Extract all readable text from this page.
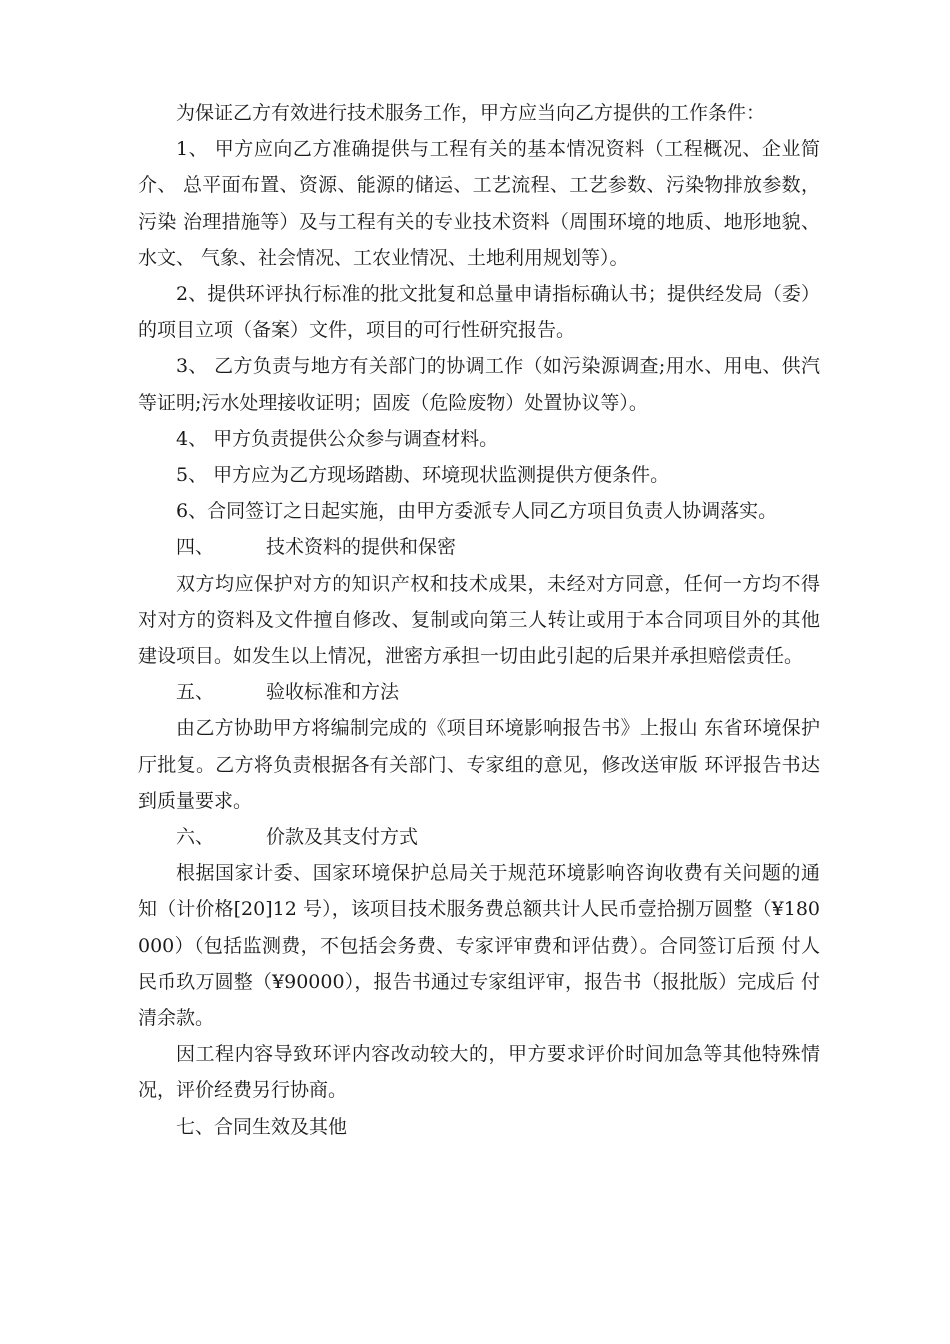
为保证乙方有效进行技术服务工作，甲方应当向乙方提供的工作条件：

1、 甲方应向乙方准确提供与工程有关的基本情况资料（工程概况、企业简介、 总平面布置、资源、能源的储运、工艺流程、工艺参数、污染物排放参数，污染 治理措施等）及与工程有关的专业技术资料（周围环境的地质、地形地貌、水文、 气象、社会情况、工农业情况、土地利用规划等）。

2、提供环评执行标准的批文批复和总量申请指标确认书；提供经发局（委）的项目立项（备案）文件，项目的可行性研究报告。

3、 乙方负责与地方有关部门的协调工作（如污染源调查;用水、用电、供汽等证明;污水处理接收证明；固废（危险废物）处置协议等）。

4、 甲方负责提供公众参与调查材料。

5、 甲方应为乙方现场踏勘、环境现状监测提供方便条件。

6、合同签订之日起实施，由甲方委派专人同乙方项目负责人协调落实。

四、	技术资料的提供和保密

双方均应保护对方的知识产权和技术成果，未经对方同意，任何一方均不得对对方的资料及文件擅自修改、复制或向第三人转让或用于本合同项目外的其他建设项目。如发生以上情况，泄密方承担一切由此引起的后果并承担赔偿责任。

五、	验收标准和方法

由乙方协助甲方将编制完成的《项目环境影响报告书》上报山 东省环境保护厅批复。乙方将负责根据各有关部门、专家组的意见，修改送审版 环评报告书达到质量要求。

六、	价款及其支付方式

根据国家计委、国家环境保护总局关于规范环境影响咨询收费有关问题的通知（计价格[20]12 号），该项目技术服务费总额共计人民币壹拾捌万圆整（¥180000）（包括监测费，不包括会务费、专家评审费和评估费）。合同签订后预 付人民币玖万圆整（¥90000），报告书通过专家组评审，报告书（报批版）完成后 付清余款。

因工程内容导致环评内容改动较大的，甲方要求评价时间加急等其他特殊情况，评价经费另行协商。

七、合同生效及其他
